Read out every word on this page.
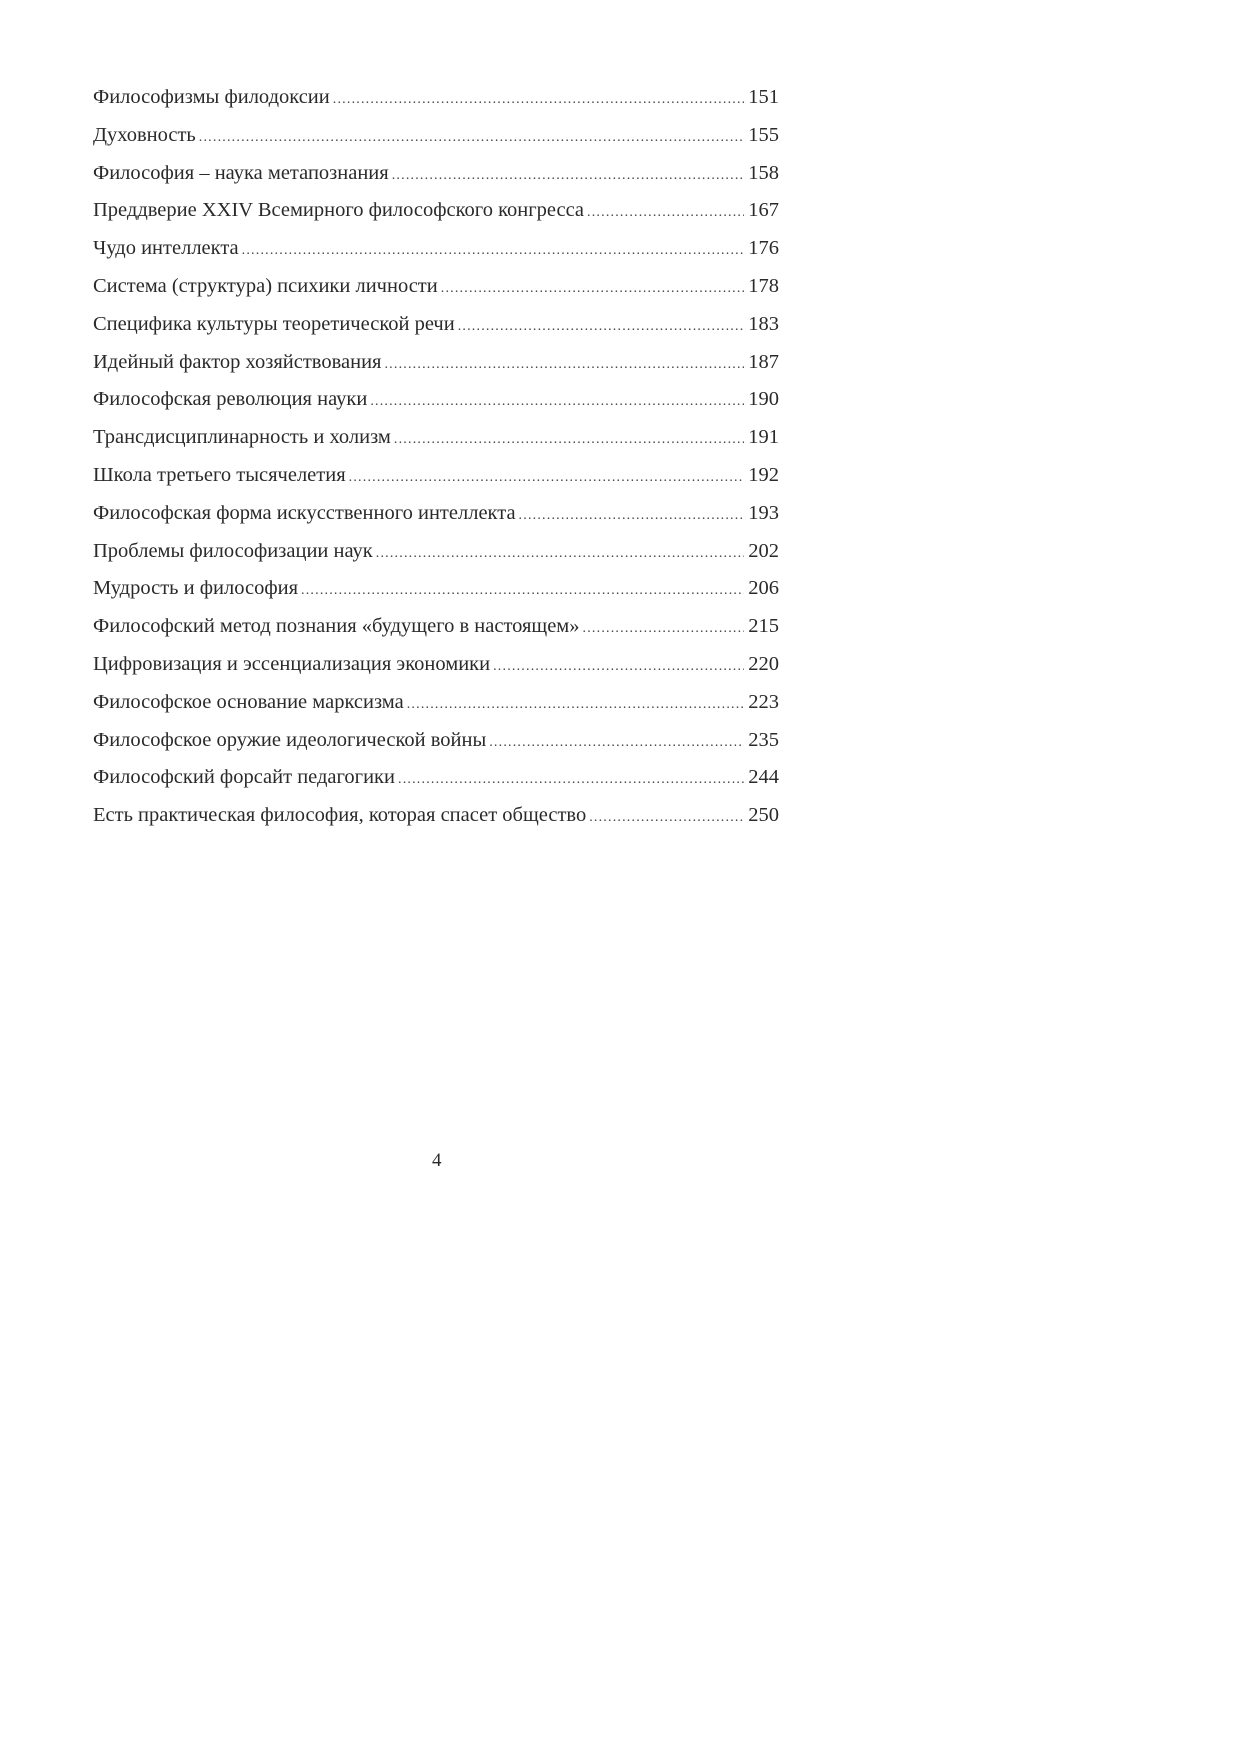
Философизмы филодоксии .....	151
Духовность .....	155
Философия – наука метапознания .....	158
Преддверие XXIV Всемирного философского конгресса .....	167
Чудо интеллекта .....	176
Система (структура) психики личности .....	178
Специфика культуры теоретической речи .....	183
Идейный фактор хозяйствования .....	187
Философская революция науки .....	190
Трансдисциплинарность и холизм .....	191
Школа третьего тысячелетия .....	192
Философская форма искусственного интеллекта .....	193
Проблемы философизации наук .....	202
Мудрость и философия .....	206
Философский метод познания «будущего в настоящем» .....	215
Цифровизация и эссенциализация экономики .....	220
Философское основание марксизма .....	223
Философское оружие идеологической войны .....	235
Философский форсайт педагогики .....	244
Есть практическая философия, которая спасет общество .....	250
4
